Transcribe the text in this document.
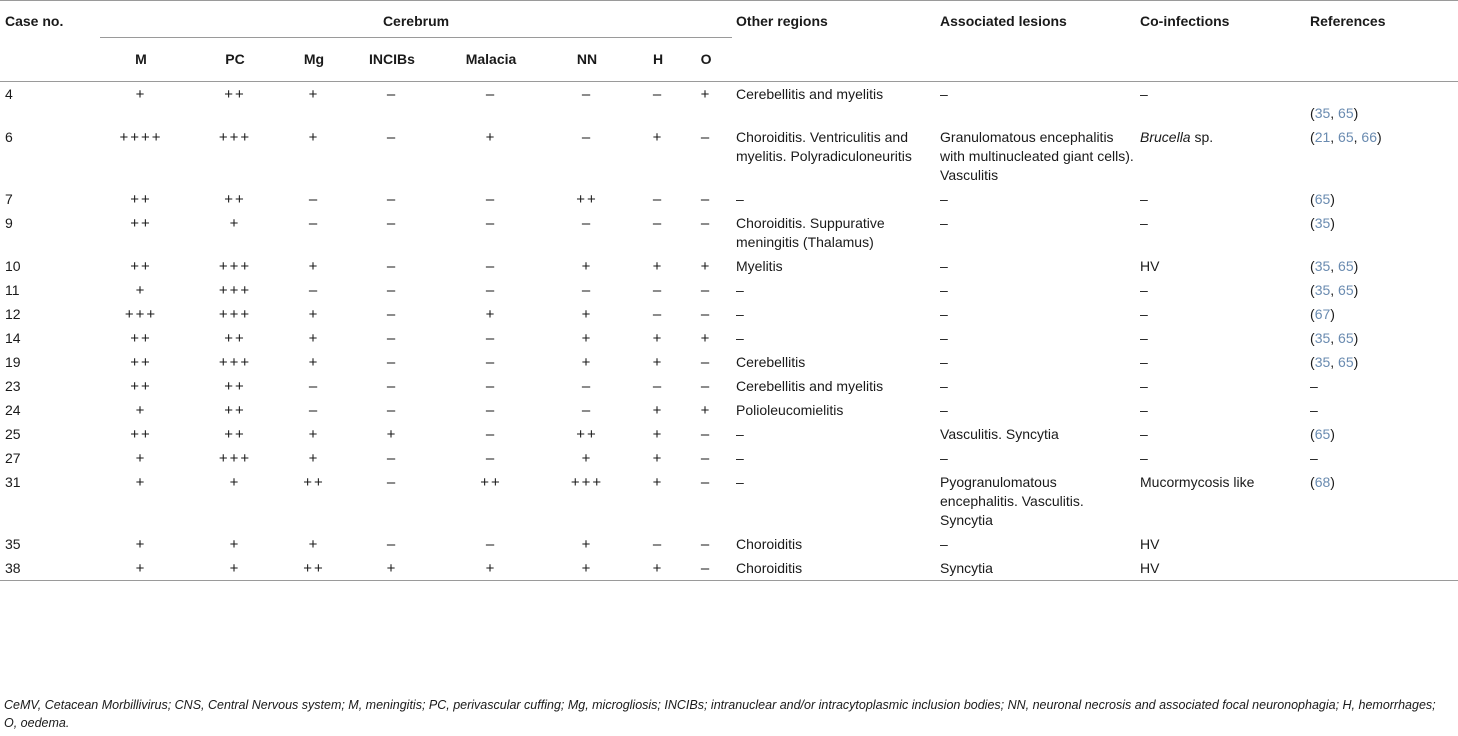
Case no.	Cerebrum								Other regions	Associated lesions	Co-infections	References
	M	PC	Mg	INCIBs	Malacia	NN	H	O				
4	+	++	+	–	–	–	–	+	Cerebellitis and myelitis	–	–	(35, 65)

6	++++	+++	+	–	+	–	+	–	Choroiditis. Ventriculitis and myelitis. Polyradiculoneuritis	Granulomatous encephalitis with multinucleated giant cells). Vasculitis	Brucella sp.	(21, 65, 66)

7	++	++	–	–	–	++	–	–	–	–	–	(65)

9	++	+	–	–	–	–	–	–	Choroiditis. Suppurative meningitis (Thalamus)	–	–	(35)

10	++	+++	+	–	–	+	+	+	Myelitis	–	HV	(35, 65)

11	+	+++	–	–	–	–	–	–	–	–	–	(35, 65)

12	+++	+++	+	–	+	+	–	–	–	–	–	(67)

14	++	++	+	–	–	+	+	+	–	–	–	(35, 65)

19	++	+++	+	–	–	+	+	–	Cerebellitis	–	–	(35, 65)

23	++	++	–	–	–	–	–	–	Cerebellitis and myelitis	–	–	–

24	+	++	–	–	–	–	+	+	Polioleucomielitis	–	–	–

25	++	++	+	+	–	++	+	–	–	Vasculitis. Syncytia	–	(65)

27	+	+++	+	–	–	+	+	–	–	–	–	–

31	+	+	++	–	++	+++	+	–	–	Pyogranulomatous encephalitis. Vasculitis. Syncytia	Mucormycosis like	(68)

35	+	+	+	–	–	+	–	–	Choroiditis	–	HV	

38	+	+	++	+	+	+	+	–	Choroiditis	Syncytia	HV	
CeMV, Cetacean Morbillivirus; CNS, Central Nervous system; M, meningitis; PC, perivascular cuffing; Mg, microgliosis; INCIBs; intranuclear and/or intracytoplasmic inclusion bodies; NN, neuronal necrosis and associated focal neuronophagia; H, hemorrhages; O, oedema.
